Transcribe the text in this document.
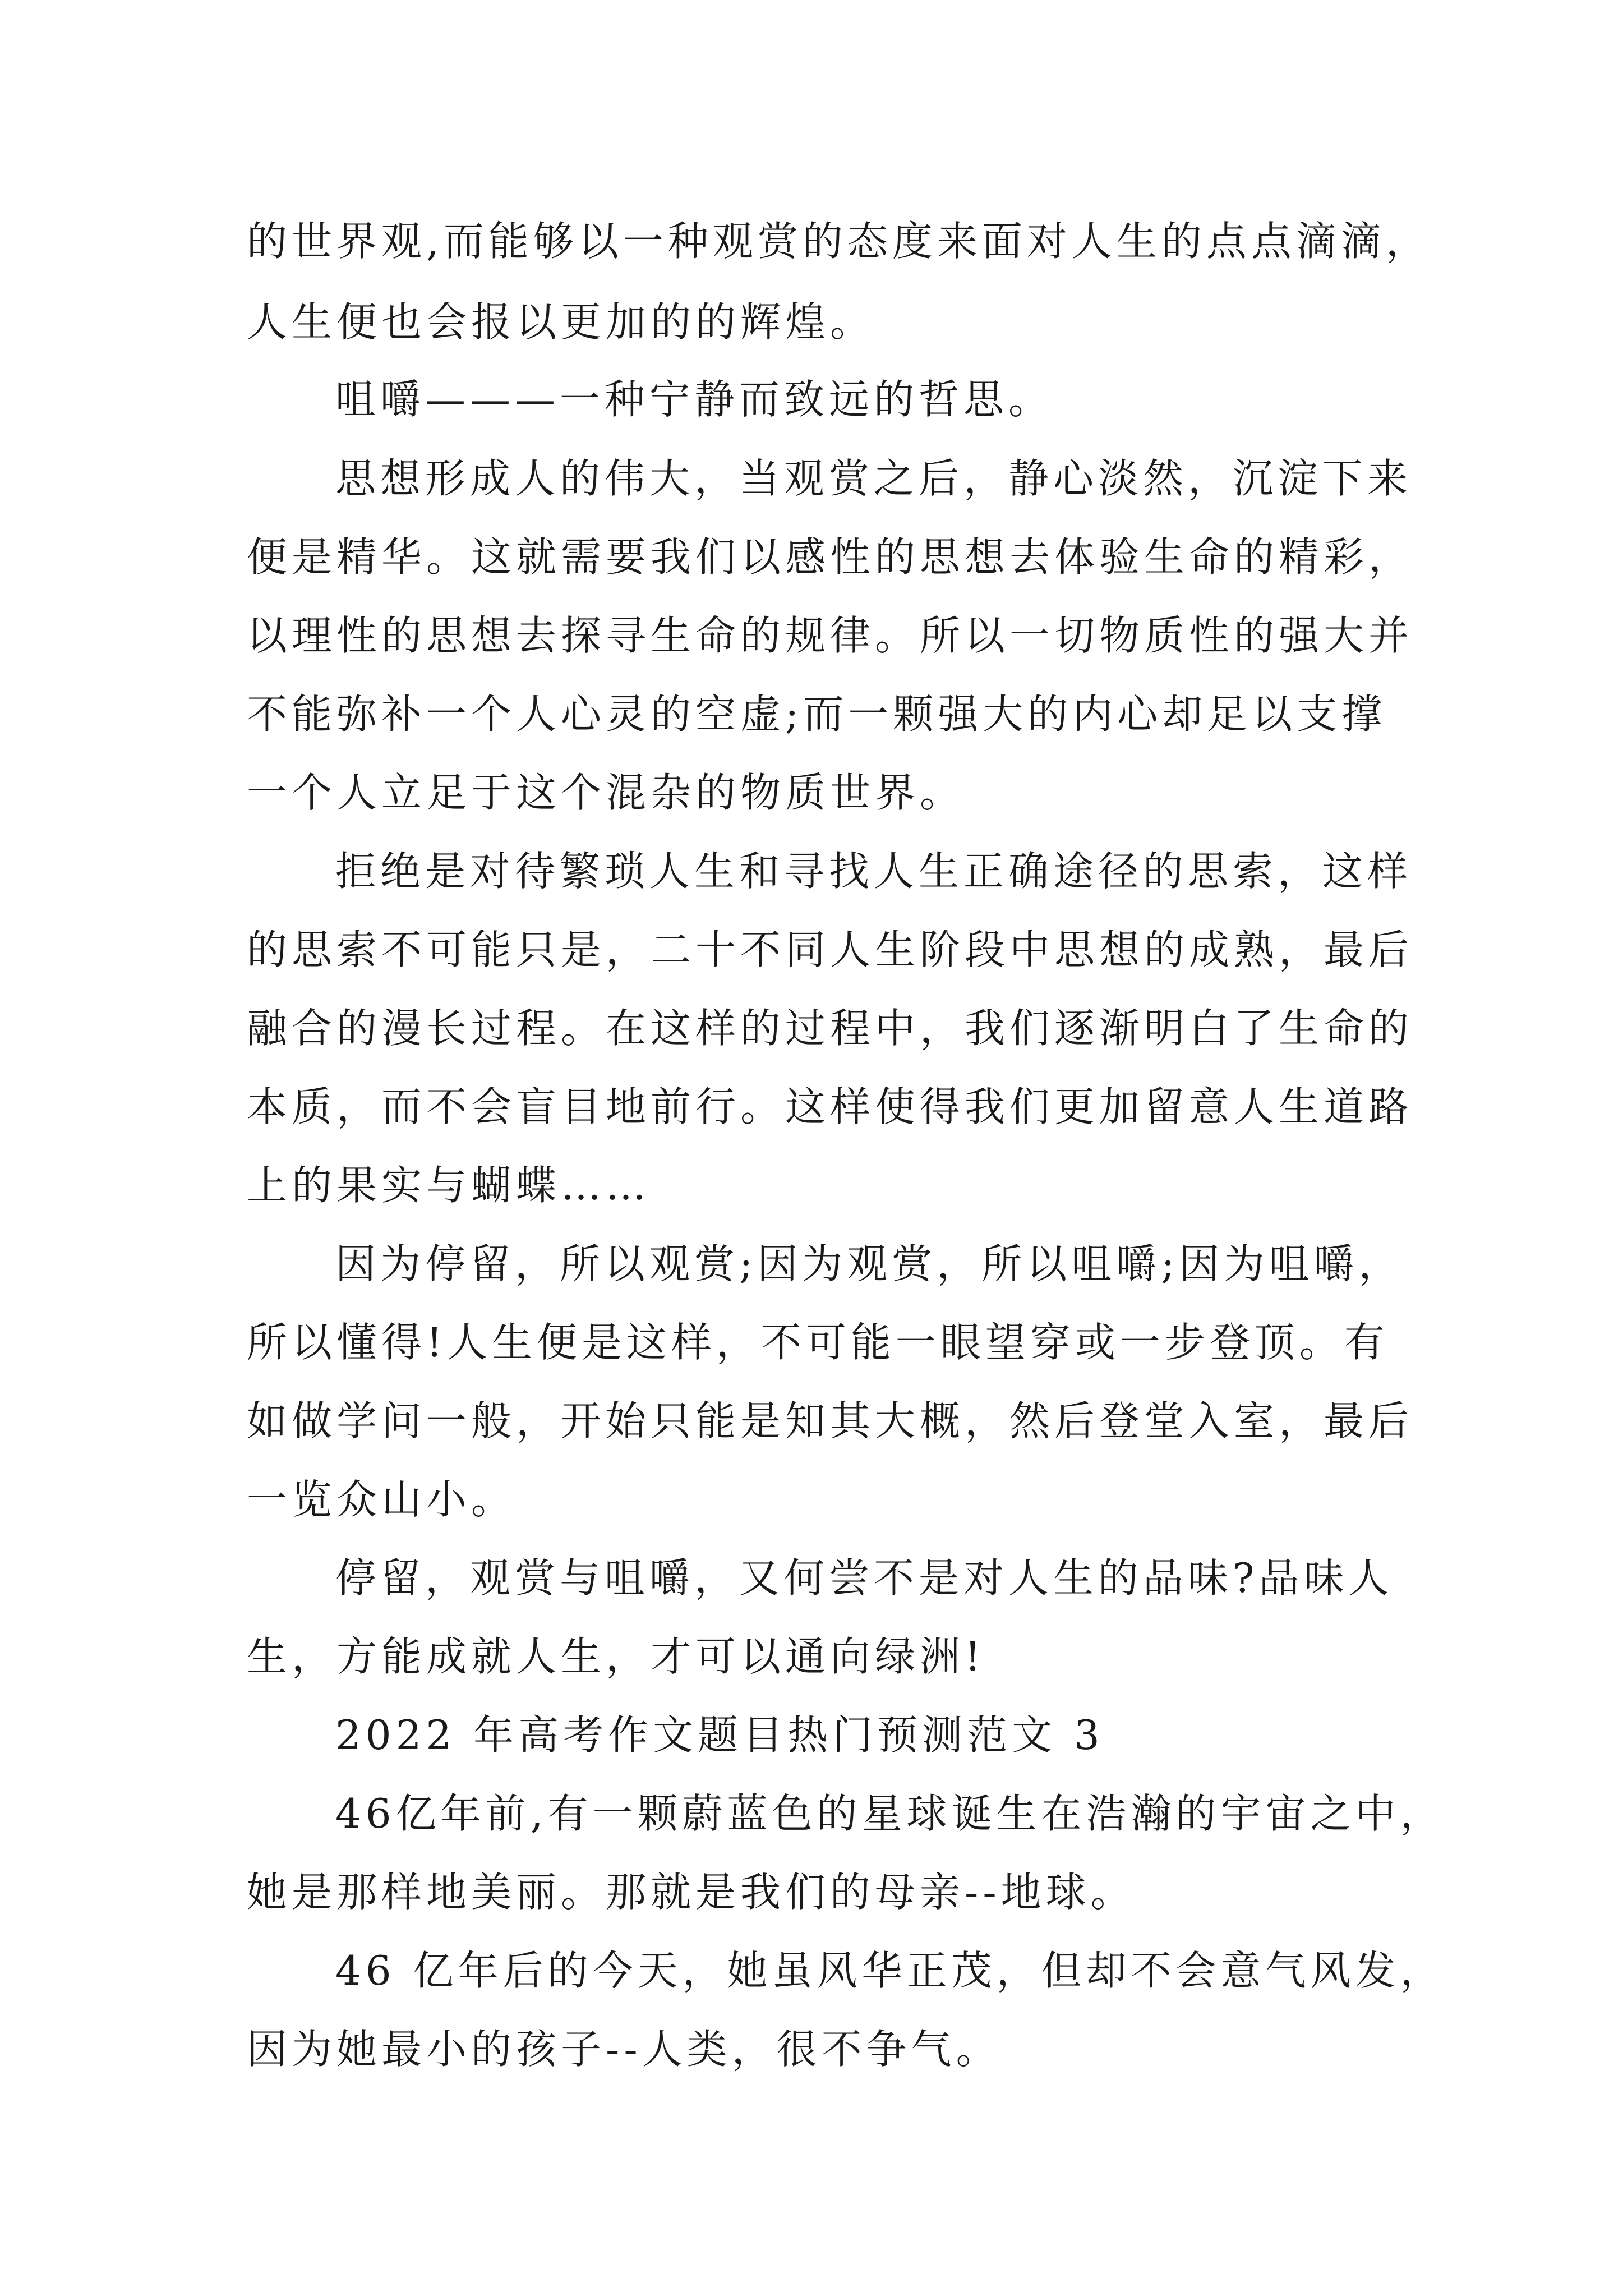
的世界观,而能够以一种观赏的态度来面对人生的点点滴滴，
人生便也会报以更加的的辉煌。
咀嚼———一种宁静而致远的哲思。
思想形成人的伟大，当观赏之后，静心淡然，沉淀下来
便是精华。这就需要我们以感性的思想去体验生命的精彩，
以理性的思想去探寻生命的规律。所以一切物质性的强大并
不能弥补一个人心灵的空虚;而一颗强大的内心却足以支撑
一个人立足于这个混杂的物质世界。
拒绝是对待繁琐人生和寻找人生正确途径的思索，这样
的思索不可能只是，二十不同人生阶段中思想的成熟，最后
融合的漫长过程。在这样的过程中，我们逐渐明白了生命的
本质，而不会盲目地前行。这样使得我们更加留意人生道路
上的果实与蝴蝶……
因为停留，所以观赏;因为观赏，所以咀嚼;因为咀嚼，
所以懂得!人生便是这样，不可能一眼望穿或一步登顶。有
如做学问一般，开始只能是知其大概，然后登堂入室，最后
一览众山小。
停留，观赏与咀嚼，又何尝不是对人生的品味?品味人
生，方能成就人生，才可以通向绿洲!
2022 年高考作文题目热门预测范文 3
46亿年前,有一颗蔚蓝色的星球诞生在浩瀚的宇宙之中，
她是那样地美丽。那就是我们的母亲--地球。
46 亿年后的今天，她虽风华正茂，但却不会意气风发，
因为她最小的孩子--人类，很不争气。
